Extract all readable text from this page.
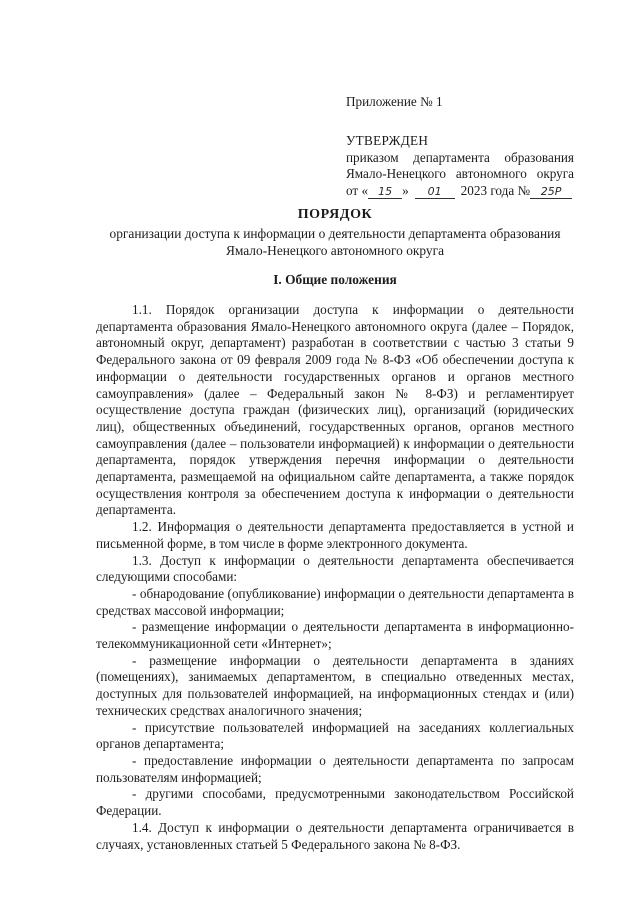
Приложение № 1

УТВЕРЖДЕН

приказом департамента образования

Ямало-Ненецкого автономного округа

от « 15 » 01 2023 года № 25Р

ПОРЯДОК

организации доступа к информации о деятельности департамента образования

Ямало-Ненецкого автономного округа

I. Общие положения

1.1. Порядок организации доступа к информации о деятельности департамента образования Ямало-Ненецкого автономного округа (далее – Порядок, автономный округ, департамент) разработан в соответствии с частью 3 статьи 9 Федерального закона от 09 февраля 2009 года № 8-ФЗ «Об обеспечении доступа к информации о деятельности государственных органов и органов местного самоуправления» (далее – Федеральный закон № 8-ФЗ) и регламентирует осуществление доступа граждан (физических лиц), организаций (юридических лиц), общественных объединений, государственных органов, органов местного самоуправления (далее – пользователи информацией) к информации о деятельности департамента, порядок утверждения перечня информации о деятельности департамента, размещаемой на официальном сайте департамента, а также порядок осуществления контроля за обеспечением доступа к информации о деятельности департамента.

1.2. Информация о деятельности департамента предоставляется в устной и письменной форме, в том числе в форме электронного документа.

1.3. Доступ к информации о деятельности департамента обеспечивается следующими способами:

- обнародование (опубликование) информации о деятельности департамента в средствах массовой информации;

- размещение информации о деятельности департамента в информационно-телекоммуникационной сети «Интернет»;

- размещение информации о деятельности департамента в зданиях (помещениях), занимаемых департаментом, в специально отведенных местах, доступных для пользователей информацией, на информационных стендах и (или) технических средствах аналогичного значения;

- присутствие пользователей информацией на заседаниях коллегиальных органов департамента;

- предоставление информации о деятельности департамента по запросам пользователям информацией;

- другими способами, предусмотренными законодательством Российской Федерации.

1.4. Доступ к информации о деятельности департамента ограничивается в случаях, установленных статьей 5 Федерального закона № 8-ФЗ.
